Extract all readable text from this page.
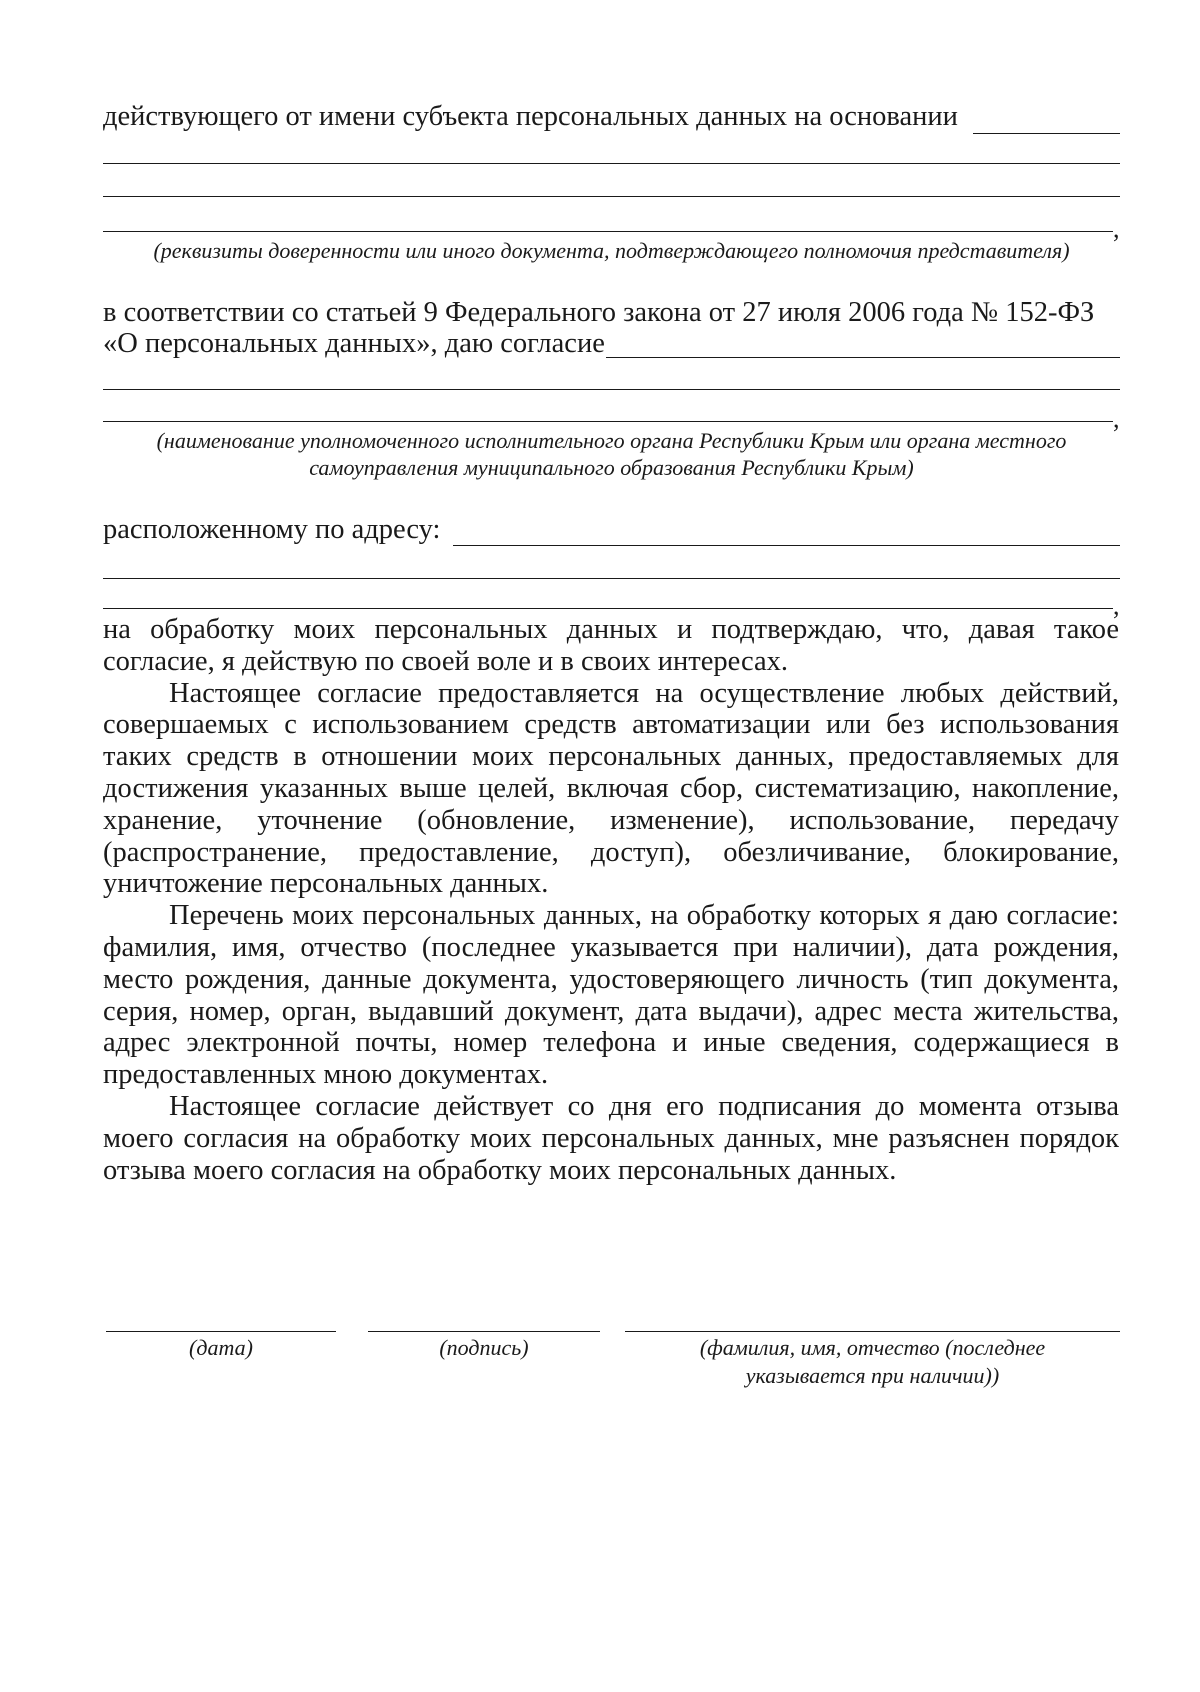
действующего от имени субъекта персональных данных на основании
,
(реквизиты доверенности или иного документа, подтверждающего полномочия представителя)
в соответствии со статьей 9 Федерального закона от 27 июля 2006 года № 152-ФЗ
«О персональных данных», даю согласие
,
(наименование уполномоченного исполнительного органа Республики Крым или органа местного
самоуправления муниципального образования Республики Крым)
расположенному по адресу:
,

на обработку моих персональных данных и подтверждаю, что, давая такое

согласие, я действую по своей воле и в своих интересах.

Настоящее согласие предоставляется на осуществление любых действий, совершаемых с использованием средств автоматизации или без использования таких средств в отношении моих персональных данных, предоставляемых для достижения указанных выше целей, включая сбор, систематизацию, накопление, хранение, уточнение (обновление, изменение), использование, передачу (распространение, предоставление, доступ), обезличивание, блокирование, уничтожение персональных данных.

Перечень моих персональных данных, на обработку которых я даю согласие: фамилия, имя, отчество (последнее указывается при наличии), дата рождения, место рождения, данные документа, удостоверяющего личность (тип документа, серия, номер, орган, выдавший документ, дата выдачи), адрес места жительства, адрес электронной почты, номер телефона и иные сведения, содержащиеся в предоставленных мною документах.

Настоящее согласие действует со дня его подписания до момента отзыва моего согласия на обработку моих персональных данных, мне разъяснен порядок отзыва моего согласия на обработку моих персональных данных.

(дата)	(подпись)	(фамилия, имя, отчество (последнее
указывается при наличии))
